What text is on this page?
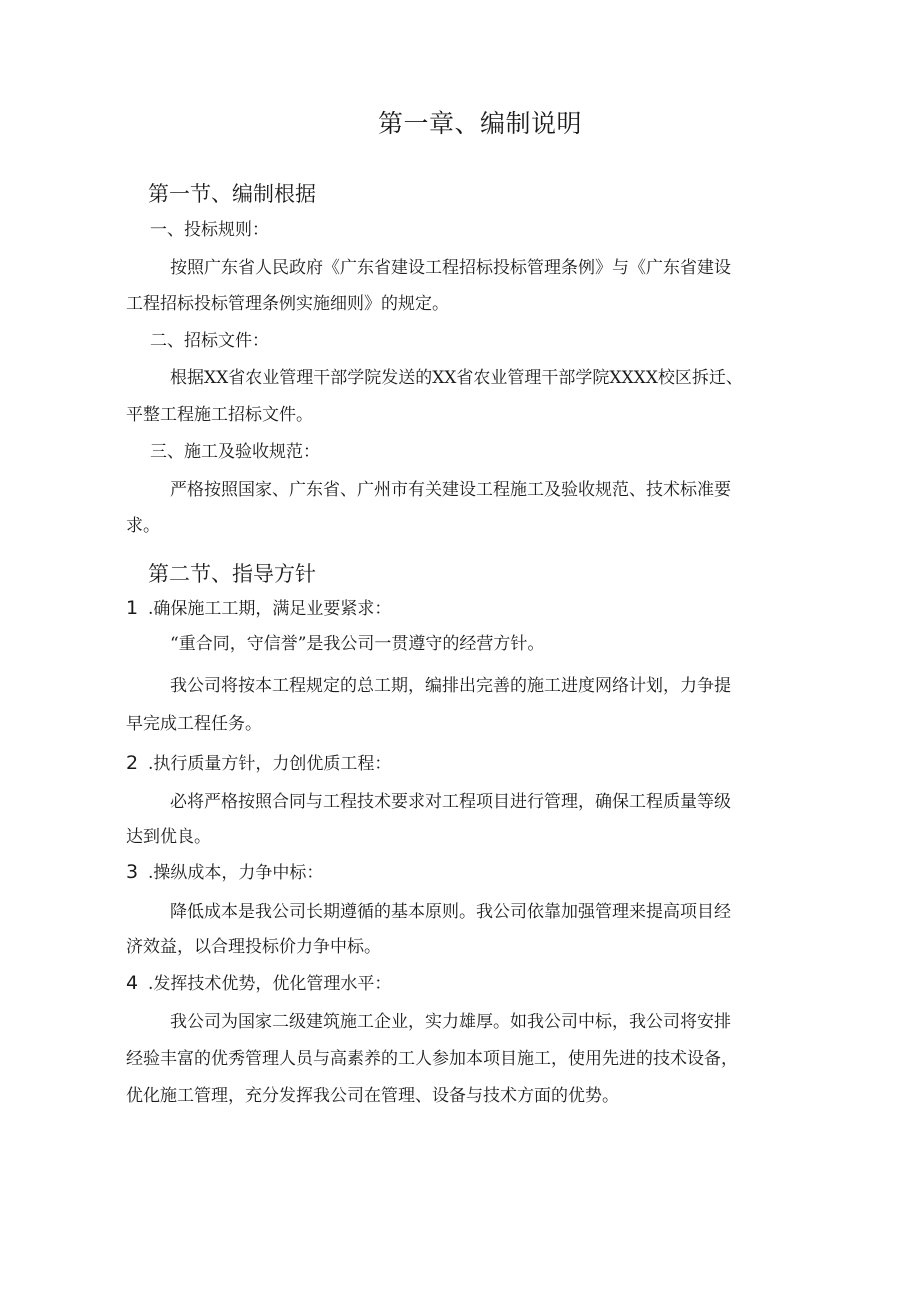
第一章、编制说明
第一节、编制根据

一、投标规则：

按照广东省人民政府《广东省建设工程招标投标管理条例》与《广东省建设

工程招标投标管理条例实施细则》的规定。

二、招标文件：

根据XX省农业管理干部学院发送的XX省农业管理干部学院XXXX校区拆迁、

平整工程施工招标文件。

三、施工及验收规范：

严格按照国家、广东省、广州市有关建设工程施工及验收规范、技术标准要

求。

第二节、指导方针
1 .确保施工工期，满足业要紧求：

“重合同，守信誉”是我公司一贯遵守的经营方针。

我公司将按本工程规定的总工期，编排出完善的施工进度网络计划，力争提

早完成工程任务。

2 .执行质量方针，力创优质工程：

必将严格按照合同与工程技术要求对工程项目进行管理，确保工程质量等级

达到优良。

3 .操纵成本，力争中标：

降低成本是我公司长期遵循的基本原则。我公司依靠加强管理来提高项目经

济效益，以合理投标价力争中标。

4 .发挥技术优势，优化管理水平：

我公司为国家二级建筑施工企业，实力雄厚。如我公司中标，我公司将安排

经验丰富的优秀管理人员与高素养的工人参加本项目施工，使用先进的技术设备，

优化施工管理，充分发挥我公司在管理、设备与技术方面的优势。
